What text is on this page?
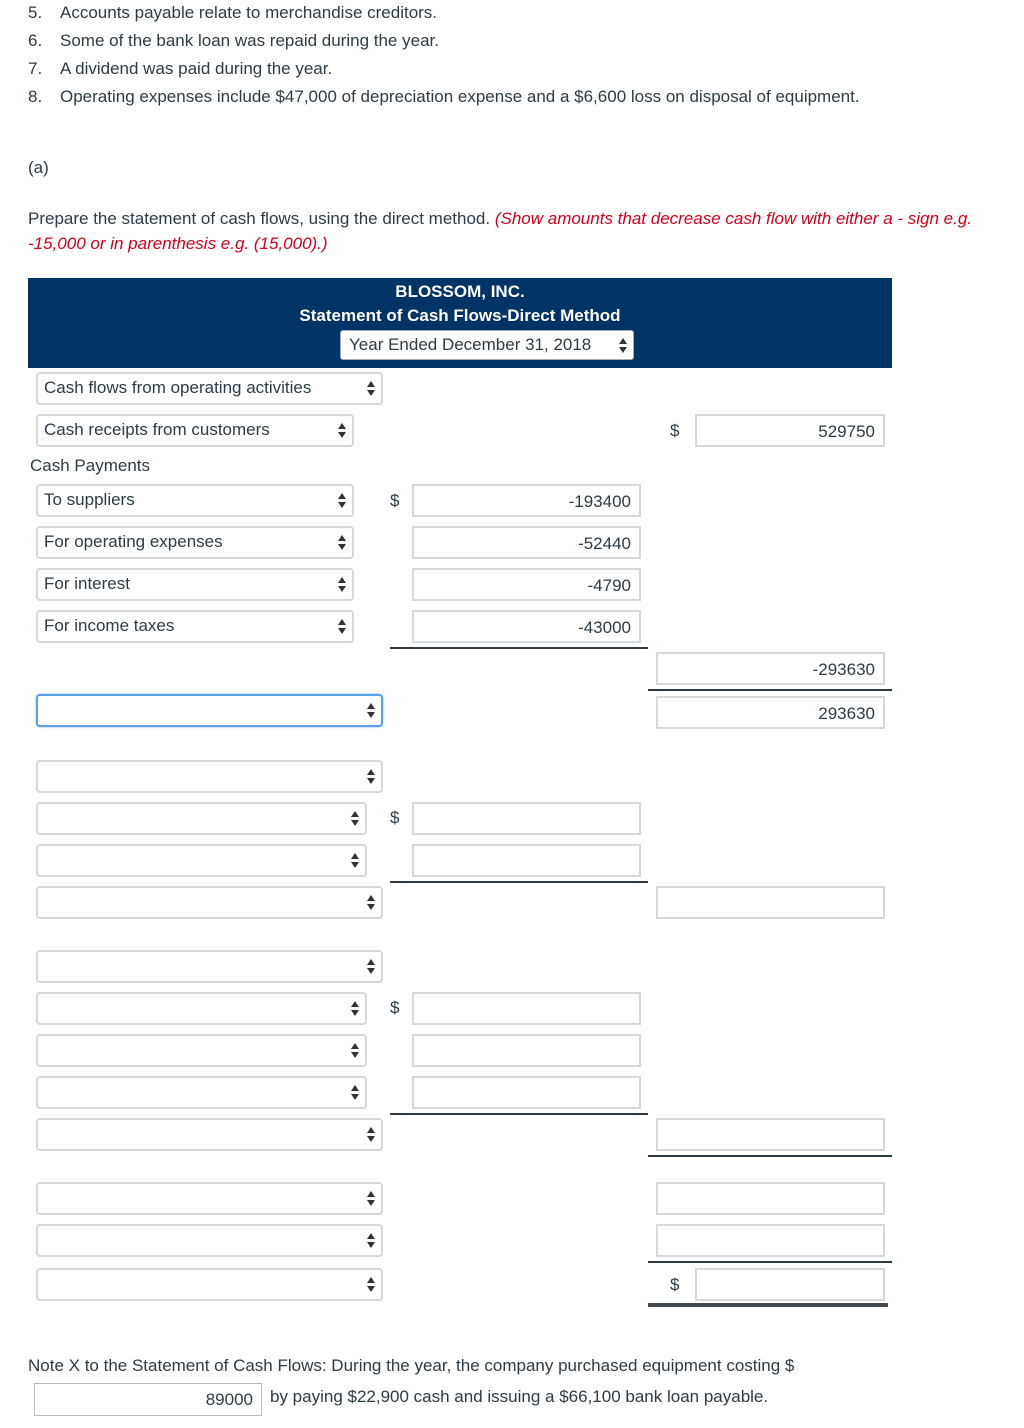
5. Accounts payable relate to merchandise creditors.
6. Some of the bank loan was repaid during the year.
7. A dividend was paid during the year.
8. Operating expenses include $47,000 of depreciation expense and a $6,600 loss on disposal of equipment.
(a)
Prepare the statement of cash flows, using the direct method. (Show amounts that decrease cash flow with either a - sign e.g. -15,000 or in parenthesis e.g. (15,000).)
BLOSSOM, INC.
Statement of Cash Flows-Direct Method
Year Ended December 31, 2018
Cash flows from operating activities
Cash receipts from customers	$	529750
Cash Payments
To suppliers	$	-193400
For operating expenses	-52440
For interest	-4790
For income taxes	-43000
-293630
293630
$
$
$
Note X to the Statement of Cash Flows: During the year, the company purchased equipment costing $
89000	by paying $22,900 cash and issuing a $66,100 bank loan payable.
